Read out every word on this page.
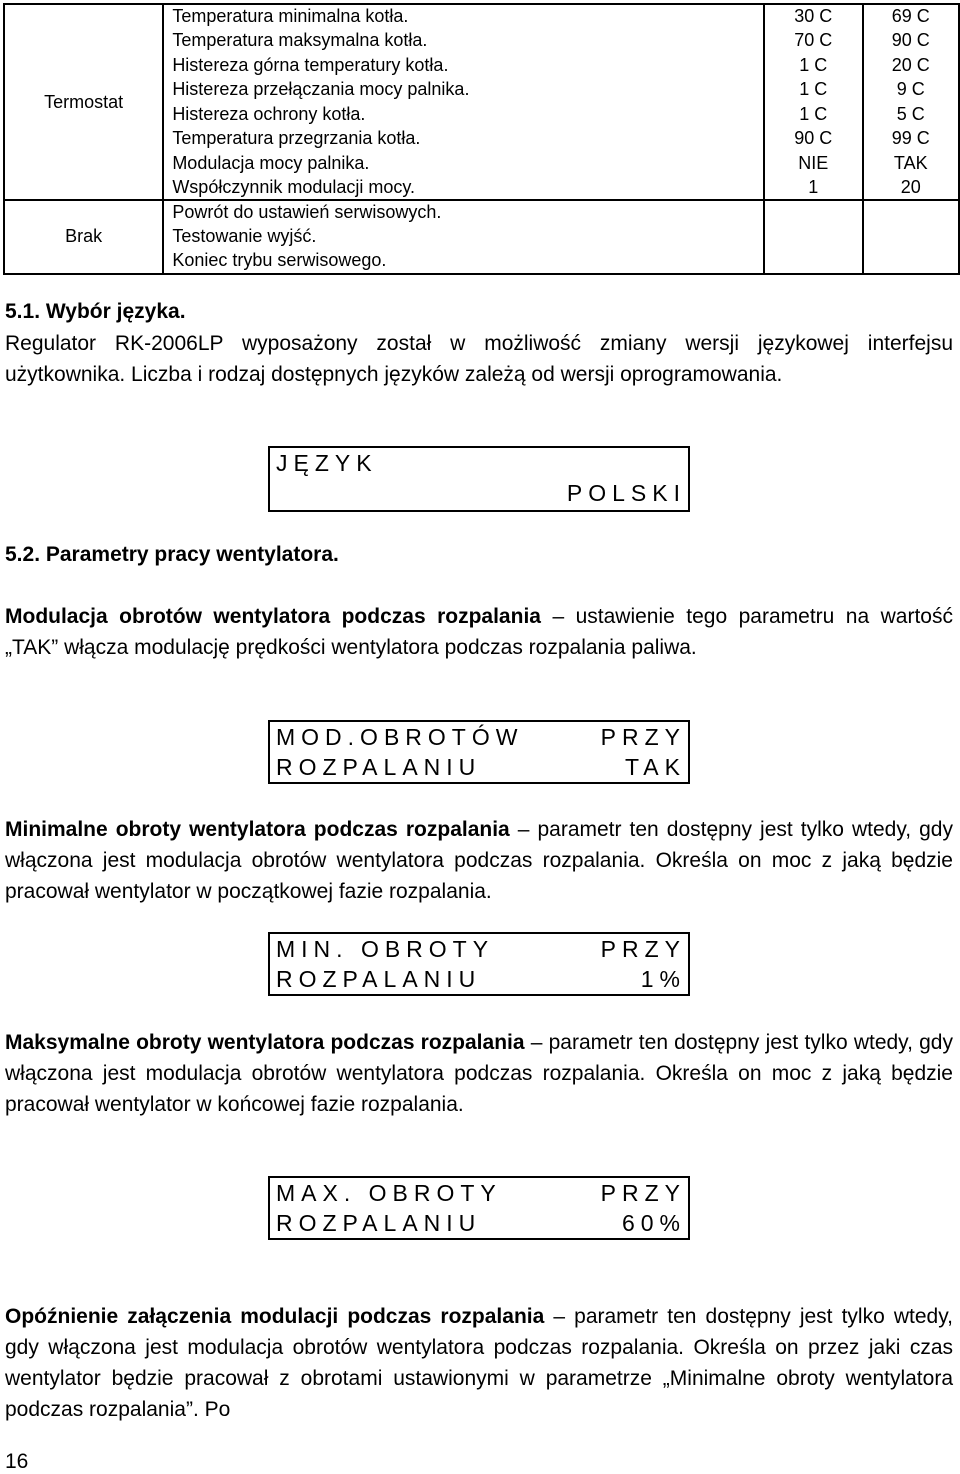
Termostat	Temperatura minimalna kotła.	30 C	69 C
	Temperatura maksymalna kotła.	70 C	90 C
	Histereza górna temperatury kotła.	1 C	20 C
	Histereza przełączania mocy palnika.	1 C	9 C
	Histereza ochrony kotła.	1 C	5 C
	Temperatura przegrzania kotła.	90 C	99 C
	Modulacja mocy palnika.	NIE	TAK
	Współczynnik modulacji mocy.	1	20
Brak	Powrót do ustawień serwisowych.		
	Testowanie wyjść.		
	Koniec trybu serwisowego.		
5.1. Wybór języka.
Regulator RK-2006LP wyposażony został w możliwość zmiany wersji językowej interfejsu użytkownika. Liczba i rodzaj dostępnych języków zależą od wersji oprogramowania.
JĘZYK
POLSKI
5.2. Parametry pracy wentylatora.
Modulacja obrotów wentylatora podczas rozpalania – ustawienie tego parametru na wartość „TAK” włącza modulację prędkości wentylatora podczas rozpalania paliwa.
MOD.OBROTÓW	PRZY
ROZPALANIU	TAK
Minimalne obroty wentylatora podczas rozpalania – parametr ten dostępny jest tylko wtedy, gdy włączona jest modulacja obrotów wentylatora podczas rozpalania. Określa on moc z jaką będzie pracował wentylator w początkowej fazie rozpalania.
MIN. OBROTY	PRZY
ROZPALANIU	1%
Maksymalne obroty wentylatora podczas rozpalania – parametr ten dostępny jest tylko wtedy, gdy włączona jest modulacja obrotów wentylatora podczas rozpalania. Określa on moc z jaką będzie pracował wentylator w końcowej fazie rozpalania.
MAX. OBROTY	PRZY
ROZPALANIU	60%
Opóźnienie załączenia modulacji podczas rozpalania – parametr ten dostępny jest tylko wtedy, gdy włączona jest modulacja obrotów wentylatora podczas rozpalania. Określa on przez jaki czas wentylator będzie pracował z obrotami ustawionymi w parametrze „Minimalne obroty wentylatora podczas rozpalania”. Po
16
